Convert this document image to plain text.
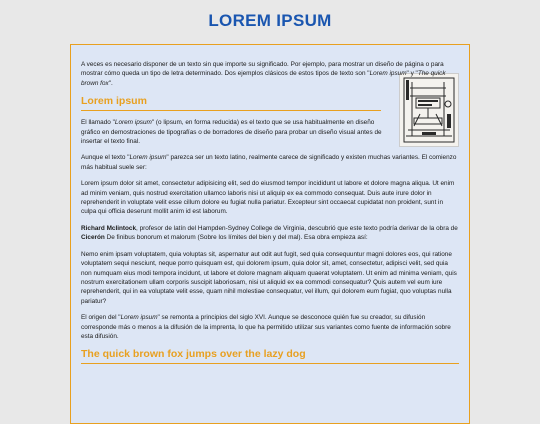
LOREM IPSUM

A veces es necesario disponer de un texto sin que importe su significado. Por ejemplo, para mostrar un diseño de página o para mostrar cómo queda un tipo de letra determinado. Dos ejemplos clásicos de estos tipos de texto son "Lorem ipsum" y "The quick brown fox".

Lorem ipsum

El llamado "Lorem ipsum" (o lipsum, en forma reducida) es el texto que se usa habitualmente en diseño gráfico en demostraciones de tipografías o de borradores de diseño para probar un diseño visual antes de insertar el texto final.

Aunque el texto "Lorem ipsum" parezca ser un texto latino, realmente carece de significado y existen muchas variantes. El comienzo más habitual suele ser:

Lorem ipsum dolor sit amet, consectetur adipisicing elit, sed do eiusmod tempor incididunt ut labore et dolore magna aliqua. Ut enim ad minim veniam, quis nostrud exercitation ullamco laboris nisi ut aliquip ex ea commodo consequat. Duis aute irure dolor in reprehenderit in voluptate velit esse cillum dolore eu fugiat nulla pariatur. Excepteur sint occaecat cupidatat non proident, sunt in culpa qui officia deserunt mollit anim id est laborum.

Richard McIintock, profesor de latín del Hampden-Sydney College de Virginia, descubrió que este texto podría derivar de la obra de Cicerón De finibus bonorum et malorum (Sobre los límites del bien y del mal). Esa obra empieza así:

Nemo enim ipsam voluptatem, quia voluptas sit, aspernatur aut odit aut fugit, sed quia consequuntur magni dolores eos, qui ratione voluptatem sequi nesciunt, neque porro quisquam est, qui dolorem ipsum, quia dolor sit, amet, consectetur, adipisci velit, sed quia non numquam eius modi tempora incidunt, ut labore et dolore magnam aliquam quaerat voluptatem. Ut enim ad minima veniam, quis nostrum exercitationem ullam corporis suscipit laboriosam, nisi ut aliquid ex ea commodi consequatur? Quis autem vel eum iure reprehenderit, qui in ea voluptate velit esse, quam nihil molestiae consequatur, vel illum, qui dolorem eum fugiat, quo voluptas nulla pariatur?

El origen del "Lorem ipsum" se remonta a principios del siglo XVI. Aunque se desconoce quién fue su creador, su difusión corresponde más o menos a la difusión de la imprenta, lo que ha permitido utilizar sus variantes como fuente de información sobre esta difusión.

The quick brown fox jumps over the lazy dog
